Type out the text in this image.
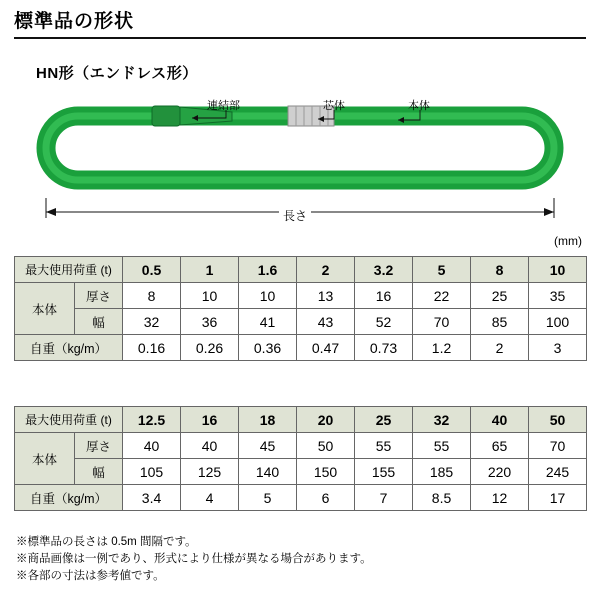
標準品の形状
HN形（エンドレス形）
連結部	芯体	本体
長さ
(mm)
最大使用荷重 (t)		0.5	1	1.6	2	3.2	5	8	10
本体	厚さ	8	10	10	13	16	22	25	35
	幅	32	36	41	43	52	70	85	100
自重（kg/m）		0.16	0.26	0.36	0.47	0.73	1.2	2	3
最大使用荷重 (t)		12.5	16	18	20	25	32	40	50
本体	厚さ	40	40	45	50	55	55	65	70
	幅	105	125	140	150	155	185	220	245
自重（kg/m）		3.4	4	5	6	7	8.5	12	17
※標準品の長さは 0.5m 間隔です。
※商品画像は一例であり、形式により仕様が異なる場合があります。
※各部の寸法は参考値です。
